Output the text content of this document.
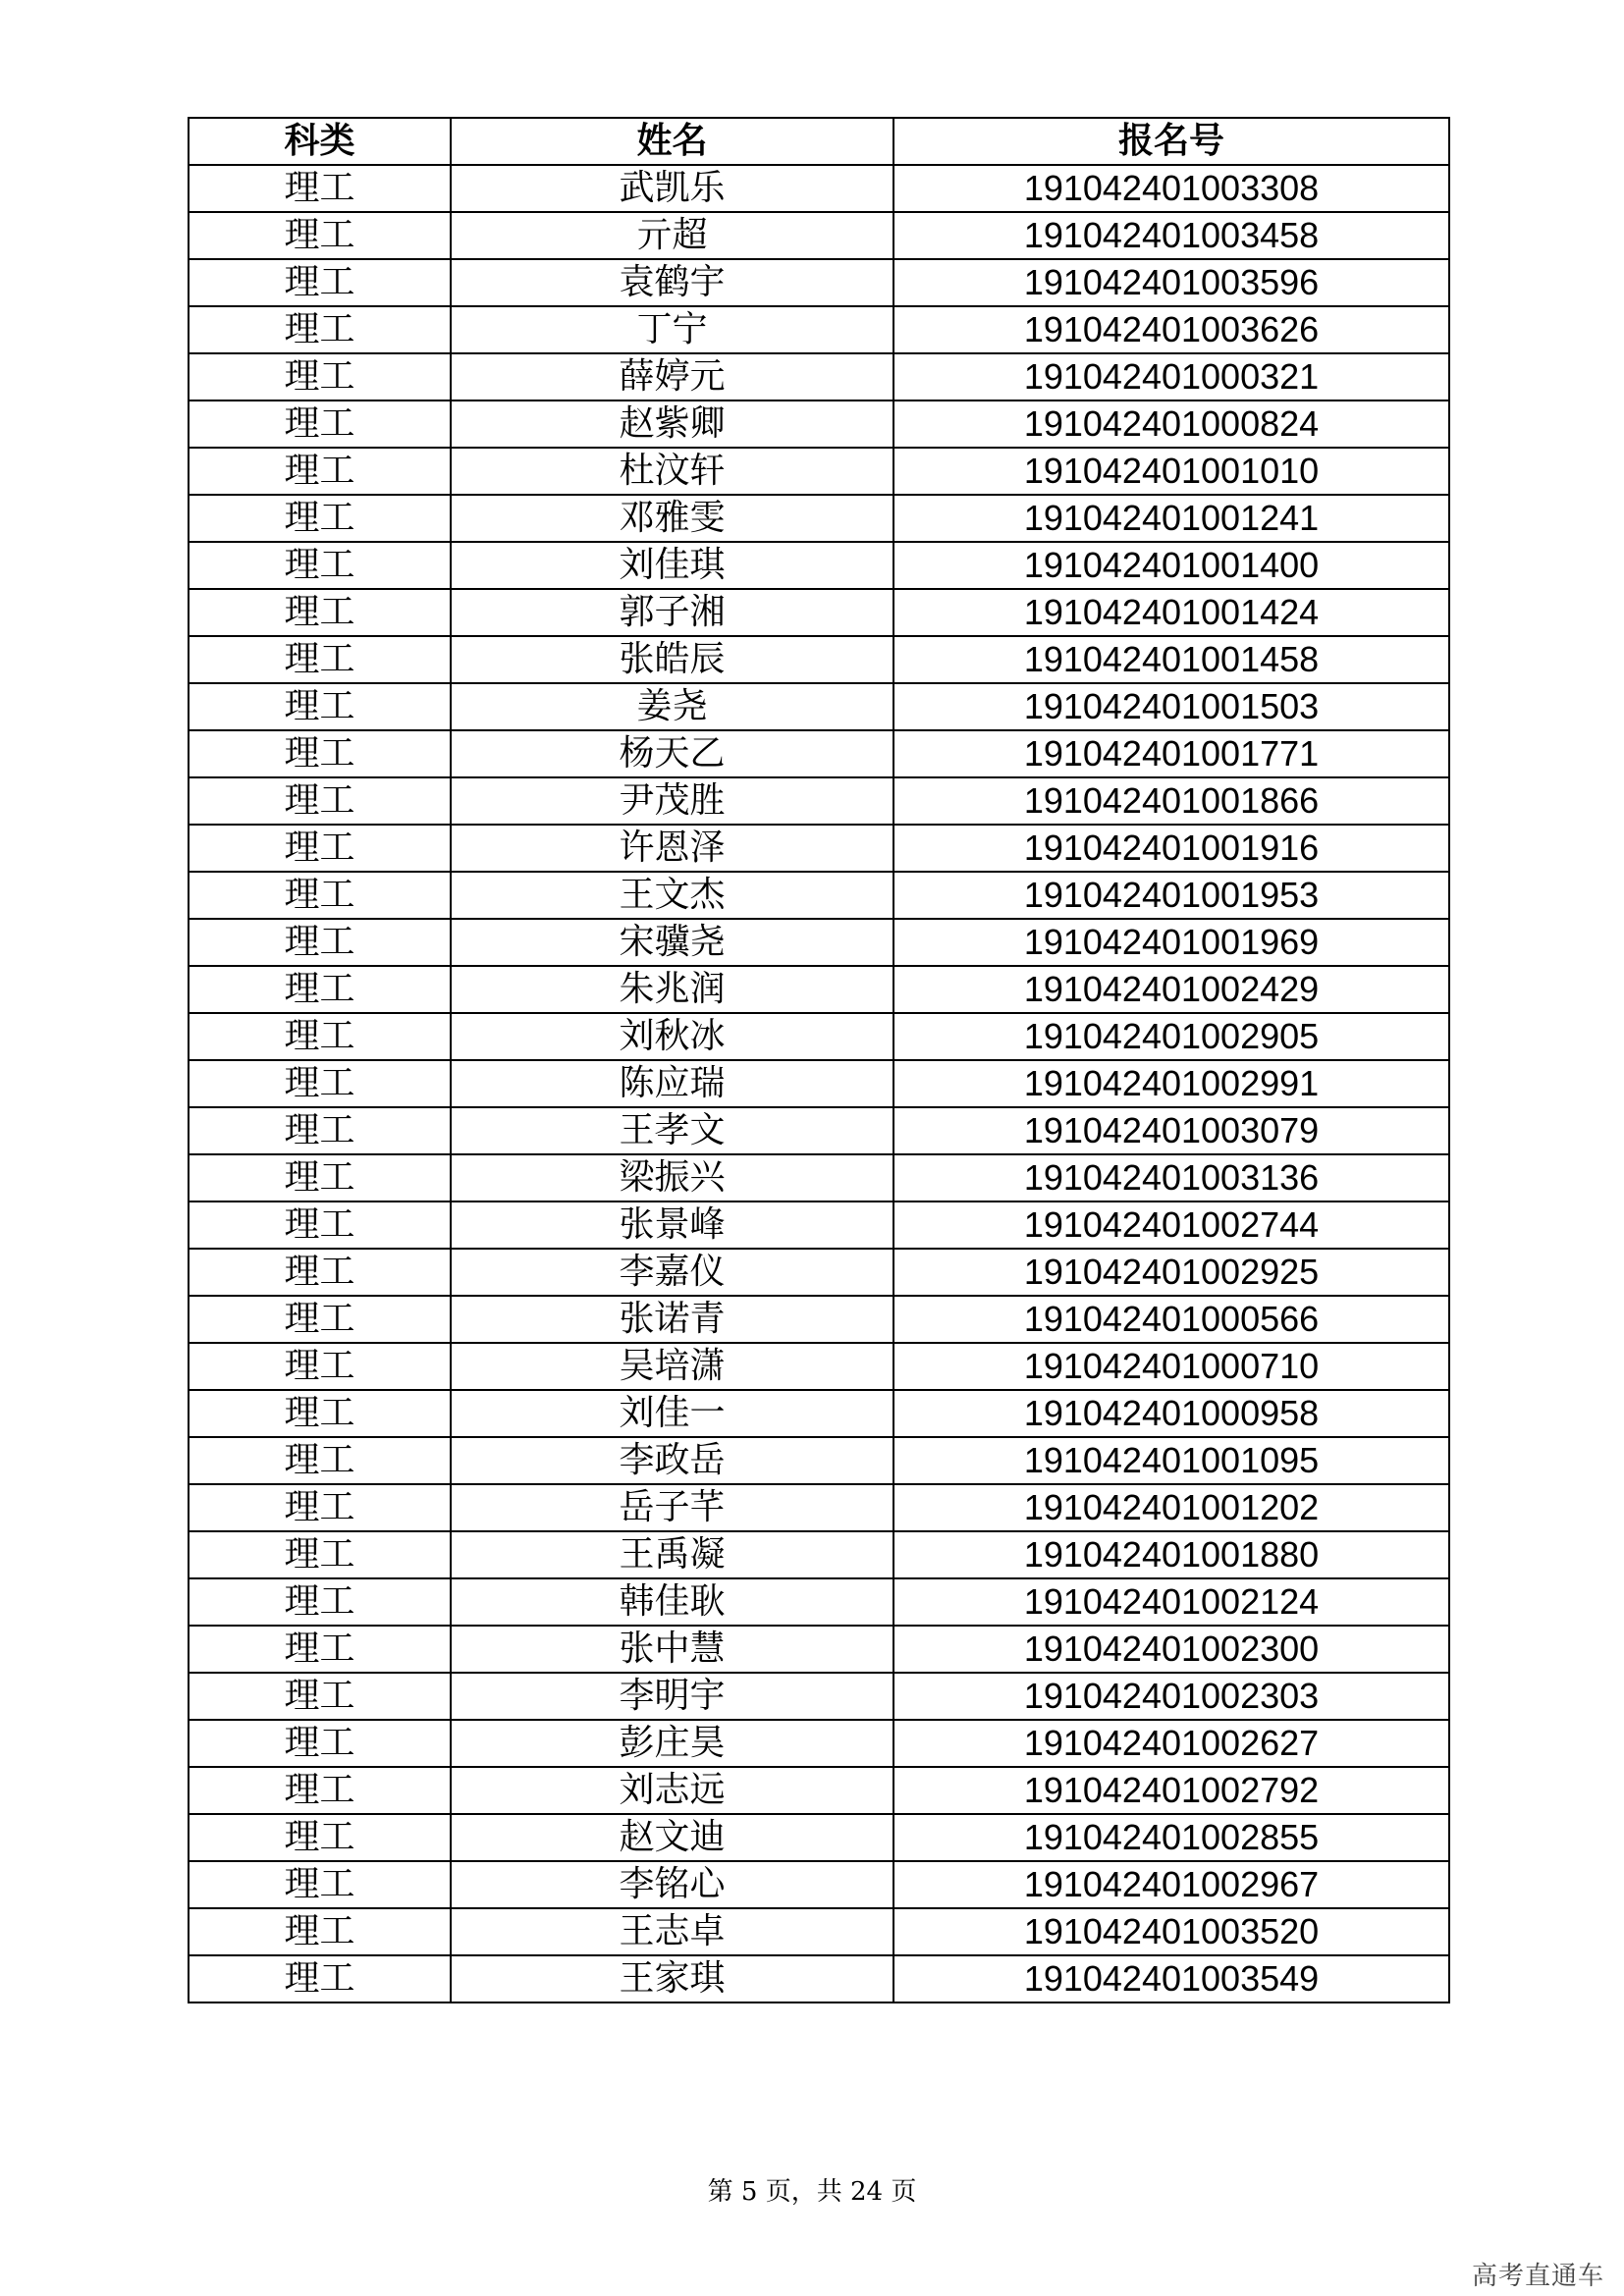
科类	姓名	报名号
理工	武凯乐	191042401003308
理工	亓超	191042401003458
理工	袁鹤宇	191042401003596
理工	丁宁	191042401003626
理工	薛婷元	191042401000321
理工	赵紫卿	191042401000824
理工	杜汶轩	191042401001010
理工	邓雅雯	191042401001241
理工	刘佳琪	191042401001400
理工	郭子湘	191042401001424
理工	张皓辰	191042401001458
理工	姜尧	191042401001503
理工	杨天乙	191042401001771
理工	尹茂胜	191042401001866
理工	许恩泽	191042401001916
理工	王文杰	191042401001953
理工	宋骥尧	191042401001969
理工	朱兆润	191042401002429
理工	刘秋冰	191042401002905
理工	陈应瑞	191042401002991
理工	王孝文	191042401003079
理工	梁振兴	191042401003136
理工	张景峰	191042401002744
理工	李嘉仪	191042401002925
理工	张诺青	191042401000566
理工	吴培潇	191042401000710
理工	刘佳一	191042401000958
理工	李政岳	191042401001095
理工	岳子芊	191042401001202
理工	王禹凝	191042401001880
理工	韩佳耿	191042401002124
理工	张中慧	191042401002300
理工	李明宇	191042401002303
理工	彭庄昊	191042401002627
理工	刘志远	191042401002792
理工	赵文迪	191042401002855
理工	李铭心	191042401002967
理工	王志卓	191042401003520
理工	王家琪	191042401003549
第 5 页，共 24 页
高考直通车
